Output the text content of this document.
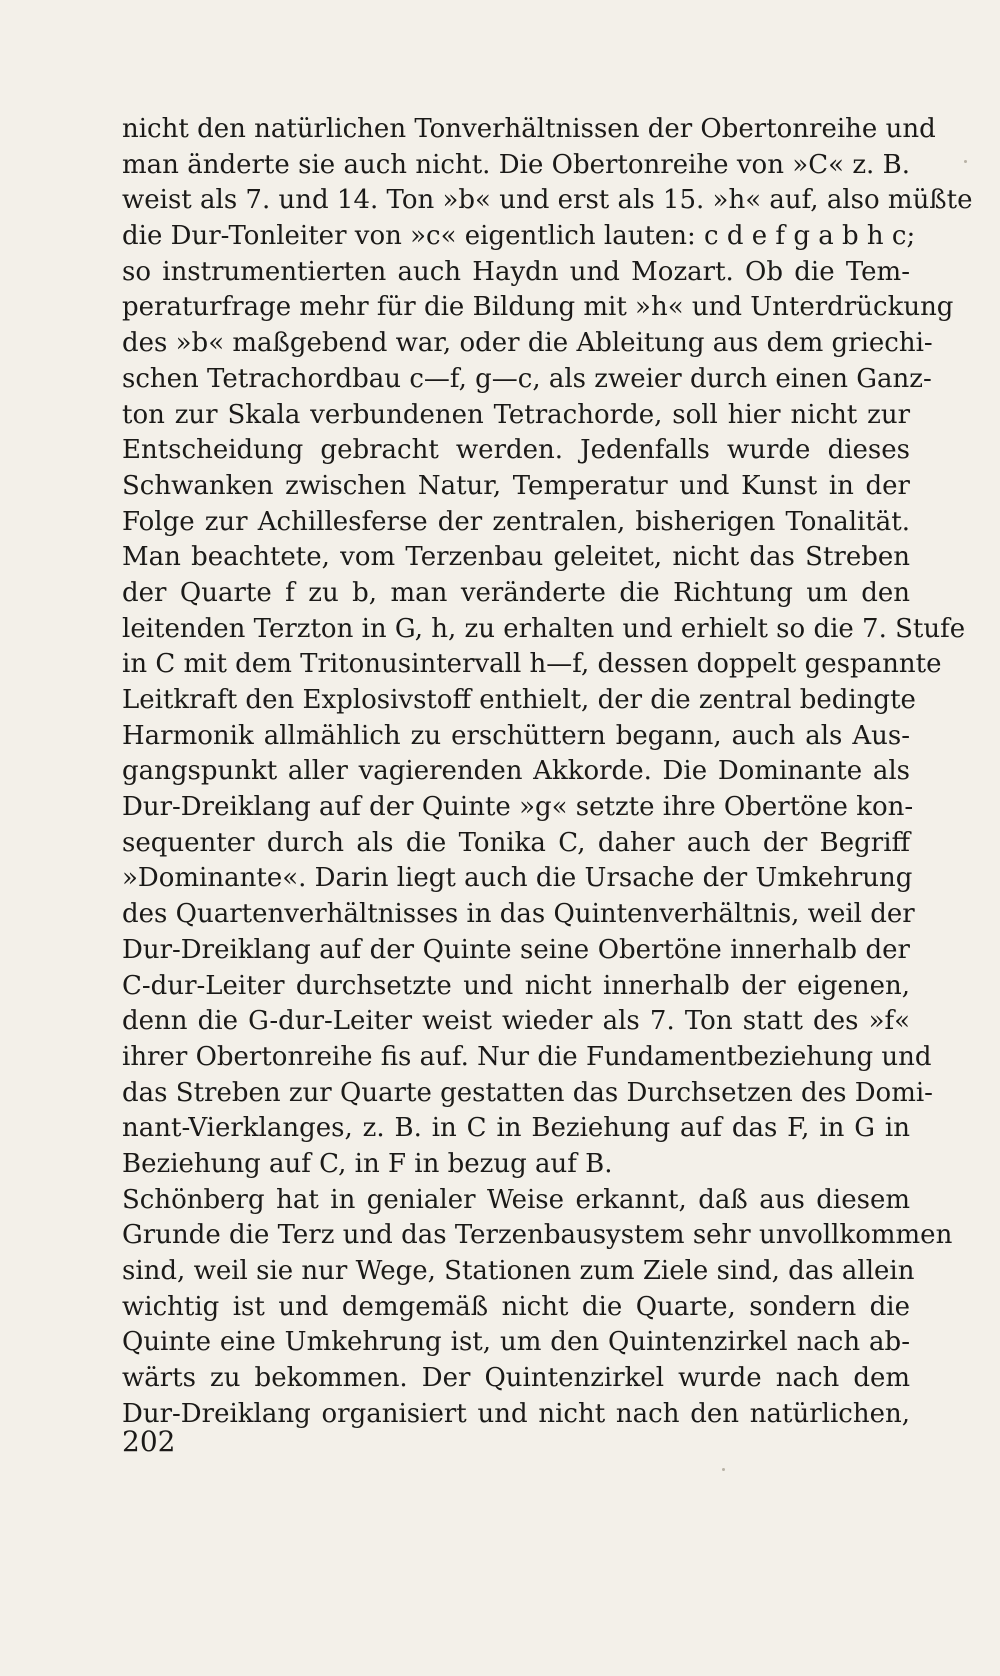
nicht den natürlichen Tonverhältnissen der Obertonreihe und
man änderte sie auch nicht. Die Obertonreihe von »C« z. B.
weist als 7. und 14. Ton »b« und erst als 15. »h« auf, also müßte
die Dur-Tonleiter von »c« eigentlich lauten: c d e f g a b h c;
so instrumentierten auch Haydn und Mozart. Ob die Tem-
peraturfrage mehr für die Bildung mit »h« und Unterdrückung
des »b« maßgebend war, oder die Ableitung aus dem griechi-
schen Tetrachordbau c—f, g—c, als zweier durch einen Ganz-
ton zur Skala verbundenen Tetrachorde, soll hier nicht zur
Entscheidung gebracht werden. Jedenfalls wurde dieses
Schwanken zwischen Natur, Temperatur und Kunst in der
Folge zur Achillesferse der zentralen, bisherigen Tonalität.
Man beachtete, vom Terzenbau geleitet, nicht das Streben
der Quarte f zu b, man veränderte die Richtung um den
leitenden Terzton in G, h, zu erhalten und erhielt so die 7. Stufe
in C mit dem Tritonusintervall h—f, dessen doppelt gespannte
Leitkraft den Explosivstoff enthielt, der die zentral bedingte
Harmonik allmählich zu erschüttern begann, auch als Aus-
gangspunkt aller vagierenden Akkorde. Die Dominante als
Dur-Dreiklang auf der Quinte »g« setzte ihre Obertöne kon-
sequenter durch als die Tonika C, daher auch der Begriff
»Dominante«. Darin liegt auch die Ursache der Umkehrung
des Quartenverhältnisses in das Quintenverhältnis, weil der
Dur-Dreiklang auf der Quinte seine Obertöne innerhalb der
C-dur-Leiter durchsetzte und nicht innerhalb der eigenen,
denn die G-dur-Leiter weist wieder als 7. Ton statt des »f«
ihrer Obertonreihe fis auf. Nur die Fundamentbeziehung und
das Streben zur Quarte gestatten das Durchsetzen des Domi-
nant-Vierklanges, z. B. in C in Beziehung auf das F, in G in
Beziehung auf C, in F in bezug auf B.
Schönberg hat in genialer Weise erkannt, daß aus diesem
Grunde die Terz und das Terzenbausystem sehr unvollkommen
sind, weil sie nur Wege, Stationen zum Ziele sind, das allein
wichtig ist und demgemäß nicht die Quarte, sondern die
Quinte eine Umkehrung ist, um den Quintenzirkel nach ab-
wärts zu bekommen. Der Quintenzirkel wurde nach dem
Dur-Dreiklang organisiert und nicht nach den natürlichen,
202
